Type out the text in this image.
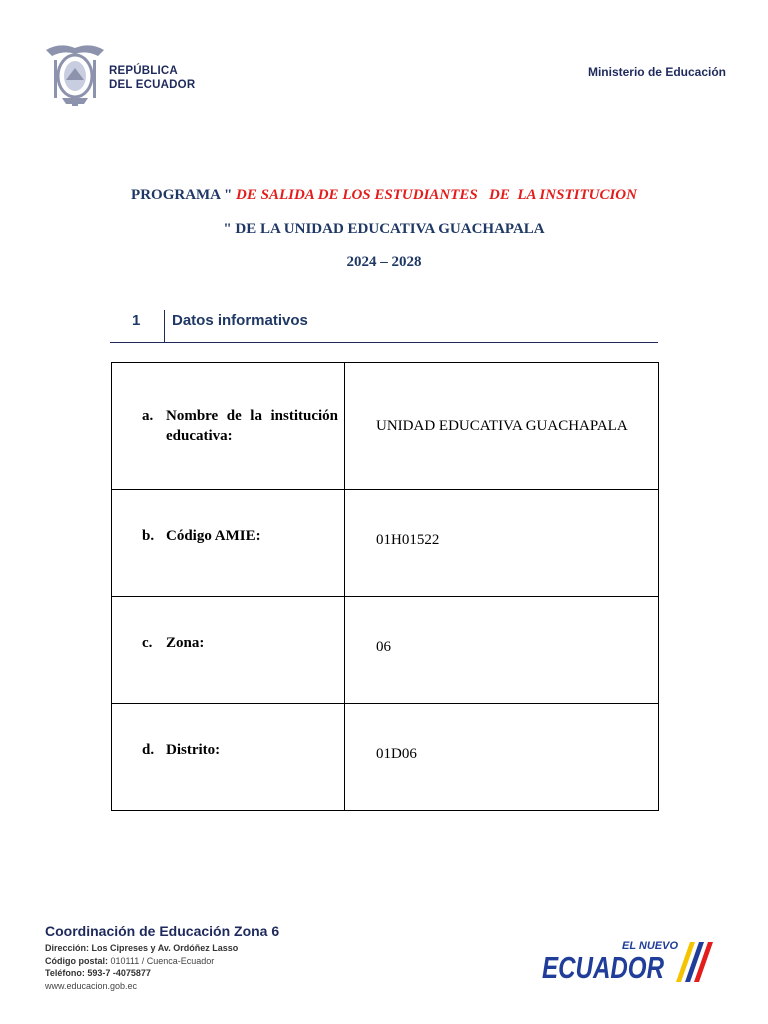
REPÚBLICA
DEL ECUADOR
Ministerio de Educación
PROGRAMA " DE SALIDA DE LOS ESTUDIANTES   DE  LA INSTITUCION
" DE LA UNIDAD EDUCATIVA GUACHAPALA
2024 – 2028
1 Datos informativos
a. Nombre de la institución educativa:	UNIDAD EDUCATIVA GUACHAPALA

b. Código AMIE:	01H01522

c. Zona:	06

d. Distrito:	01D06
Coordinación de Educación Zona 6
Dirección: Los Cipreses y Av. Ordóñez Lasso
Código postal: 010111 / Cuenca-Ecuador
Teléfono: 593-7 -4075877
www.educacion.gob.ec
EL NUEVO
ECUADOR
